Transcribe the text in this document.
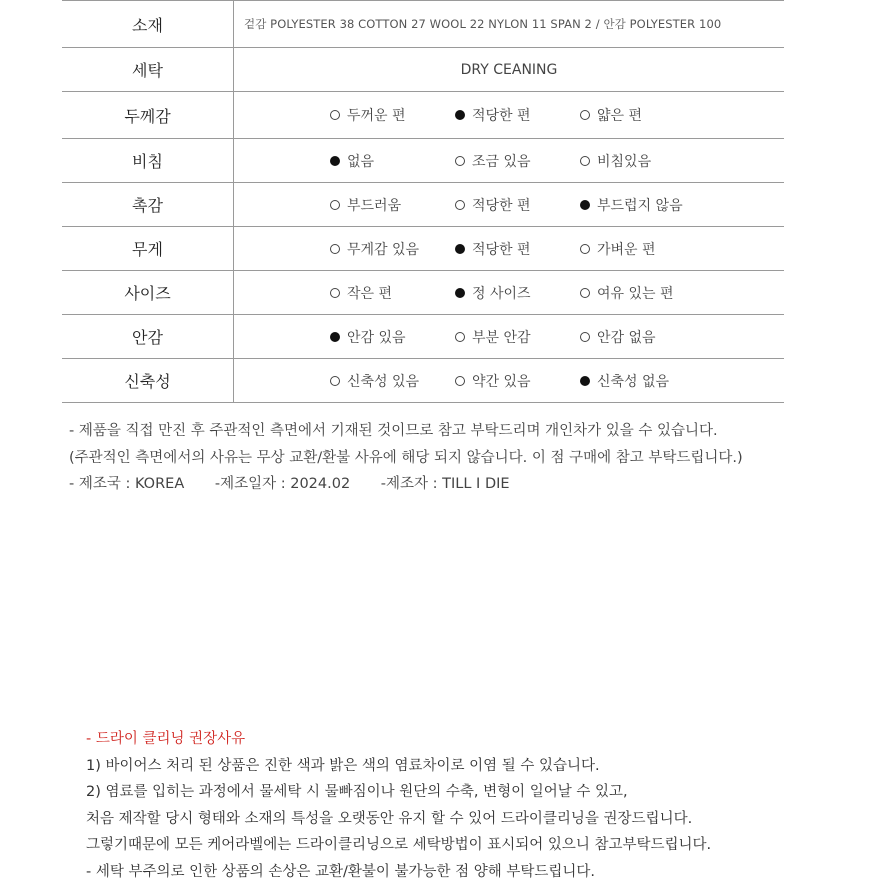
소재	겉감 POLYESTER 38 COTTON 27 WOOL 22 NYLON 11 SPAN 2 / 안감 POLYESTER 100
세탁	DRY CEANING
두께감	두꺼운 편	적당한 편	얇은 편
비침	없음	조금 있음	비침있음
촉감	부드러움	적당한 편	부드럽지 않음
무게	무게감 있음	적당한 편	가벼운 편
사이즈	작은 편	정 사이즈	여유 있는 편
안감	안감 있음	부분 안감	안감 없음
신축성	신축성 있음	약간 있음	신축성 없음
- 제품을 직접 만진 후 주관적인 측면에서 기재된 것이므로 참고 부탁드리며 개인차가 있을 수 있습니다.
(주관적인 측면에서의 사유는 무상 교환/환불 사유에 해당 되지 않습니다. 이 점 구매에 참고 부탁드립니다.)
- 제조국 : KOREA -제조일자 : 2024.02 -제조자 : TILL I DIE
- 드라이 클리닝 권장사유
1) 바이어스 처리 된 상품은 진한 색과 밝은 색의 염료차이로 이염 될 수 있습니다.
2) 염료를 입히는 과정에서 물세탁 시 물빠짐이나 원단의 수축, 변형이 일어날 수 있고,
처음 제작할 당시 형태와 소재의 특성을 오랫동안 유지 할 수 있어 드라이클리닝을 권장드립니다.
그렇기때문에 모든 케어라벨에는 드라이클리닝으로 세탁방법이 표시되어 있으니 참고부탁드립니다.
- 세탁 부주의로 인한 상품의 손상은 교환/환불이 불가능한 점 양해 부탁드립니다.
